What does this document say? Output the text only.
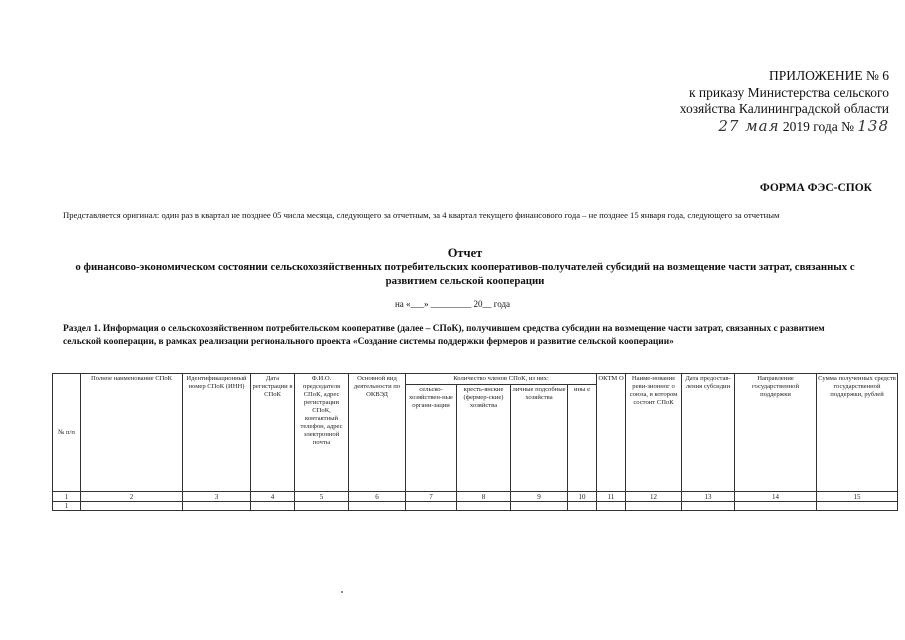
ПРИЛОЖЕНИЕ № 6
к приказу Министерства сельского
хозяйства Калининградской области
27 мая 2019 года № 138
ФОРМА ФЭС-СПОК
Представляется оригинал: один раз в квартал не позднее 05 числа месяца, следующего за отчетным, за 4 квартал текущего финансового года – не позднее 15 января года, следующего за отчетным
Отчет
о финансово-экономическом состоянии сельскохозяйственных потребительских кооперативов-получателей субсидий на возмещение части затрат, связанных с развитием сельской кооперации
на «___» _________ 20__ года
Раздел 1. Информация о сельскохозяйственном потребительском кооперативе (далее – СПоК), получившем средства субсидии на возмещение части затрат, связанных с развитием сельской кооперации, в рамках реализации регионального проекта «Создание системы поддержки фермеров и развитие сельской кооперации»
№ п/п	Полное наименование СПоК	Идентификационный номер СПоК (ИНН)	Дата регистрации в СПоК	Ф.И.О. председателя СПоК, адрес регистрации СПоК, контактный телефон, адрес электронной почты	Основной вид деятельности по ОКВЭД	Количество членов СПоК, из них:				ОКТМ О	Наиме-нование реви-зионног о союза, в котором состоит СПоК	Дата предостав-ления субсидии	Направление государственной поддержки	Сумма полученных средств государственной поддержки, рублей
						сельско-хозяйствен-ные органи-зации	кресть-янские (фермер-ские) хозяйства	личные подсобные хозяйства	ины е					
1	2	3	4	5	6	7	8	9	10	11	12	13	14	15
1														
